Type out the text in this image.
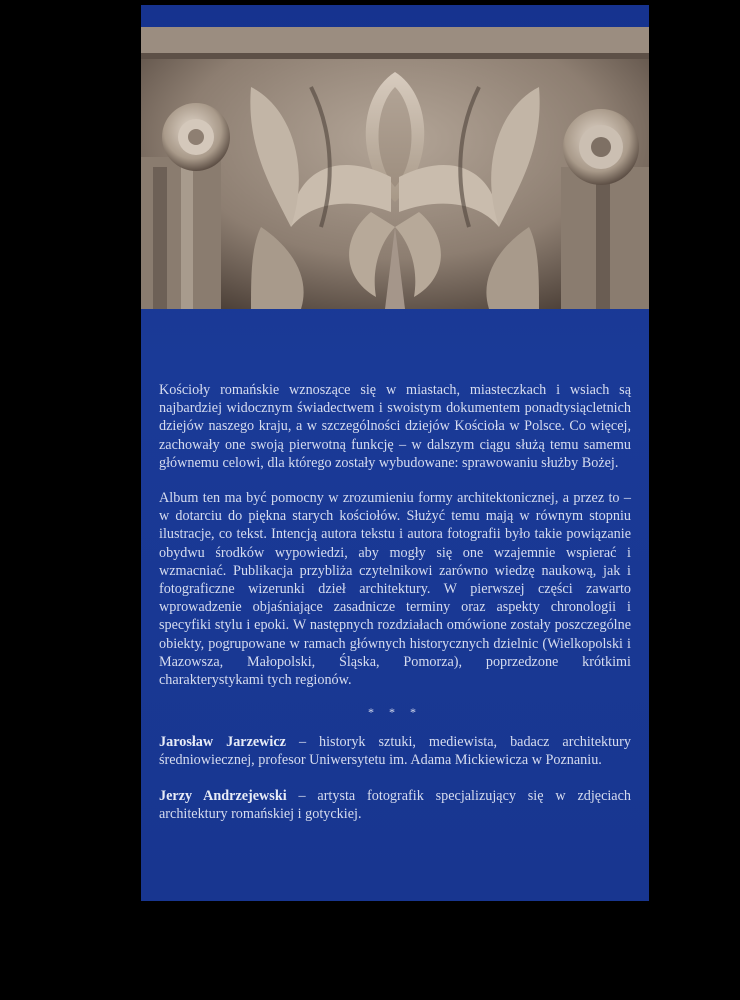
Kościoły romańskie wznoszące się w miastach, miasteczkach i wsiach są najbardziej widocznym świadectwem i swoistym dokumentem ponadtysiącletnich dziejów naszego kraju, a w szczególności dziejów Kościoła w Polsce. Co więcej, zachowały one swoją pierwotną funkcję – w dalszym ciągu służą temu samemu głównemu celowi, dla którego zostały wybudowane: sprawowaniu służby Bożej.

Album ten ma być pomocny w zrozumieniu formy architektonicznej, a przez to – w dotarciu do piękna starych kościołów. Służyć temu mają w równym stopniu ilustracje, co tekst. Intencją autora tekstu i autora fotografii było takie powiązanie obydwu środków wypowiedzi, aby mogły się one wzajemnie wspierać i wzmacniać. Publikacja przybliża czytelnikowi zarówno wiedzę naukową, jak i fotograficzne wizerunki dzieł architektury. W pierwszej części zawarto wprowadzenie objaśniające zasadnicze terminy oraz aspekty chronologii i specyfiki stylu i epoki. W następnych rozdziałach omówione zostały poszczególne obiekty, pogrupowane w ramach głównych historycznych dzielnic (Wielkopolski i Mazowsza, Małopolski, Śląska, Pomorza), poprzedzone krótkimi charakterystykami tych regionów.

* * *

Jarosław Jarzewicz – historyk sztuki, mediewista, badacz architektury średniowiecznej, profesor Uniwersytetu im. Adama Mickiewicza w Poznaniu.

Jerzy Andrzejewski – artysta fotografik specjalizujący się w zdjęciach architektury romańskiej i gotyckiej.
